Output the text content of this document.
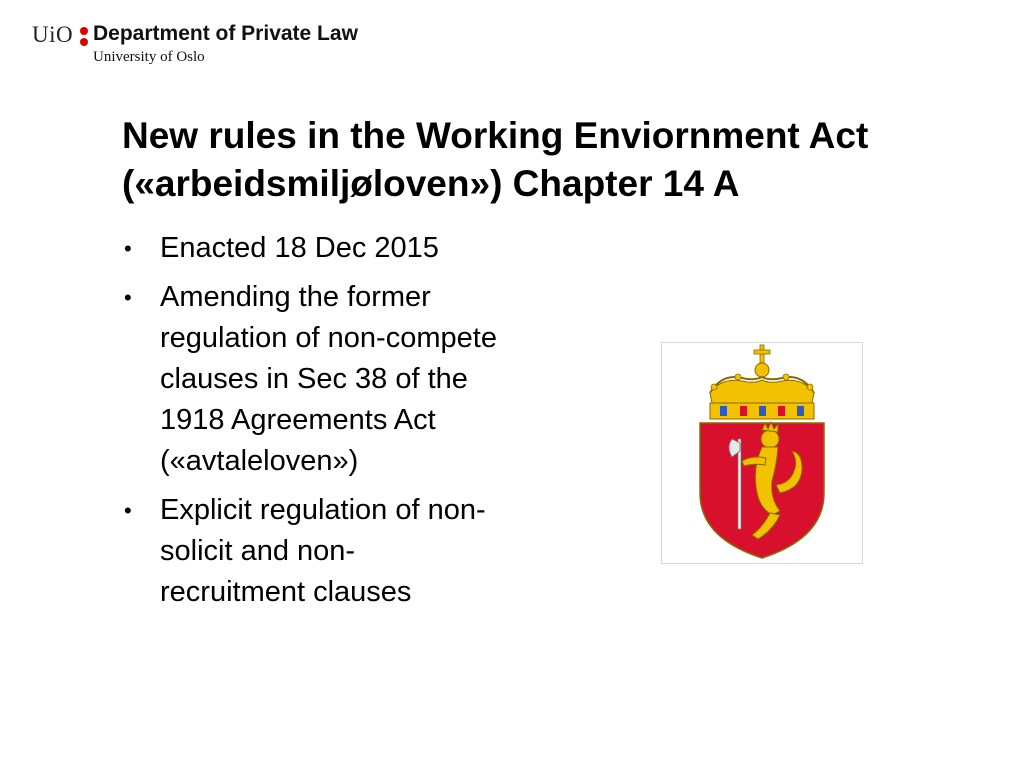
UiO Department of Private Law
University of Oslo
New rules in the Working Enviornment Act
(«arbeidsmiljøloven») Chapter 14 A
• Enacted 18 Dec 2015
• Amending the former
regulation of non-compete
clauses in Sec 38 of the
1918 Agreements Act
(«avtaleloven»)
• Explicit regulation of non-
solicit and non-
recruitment clauses
